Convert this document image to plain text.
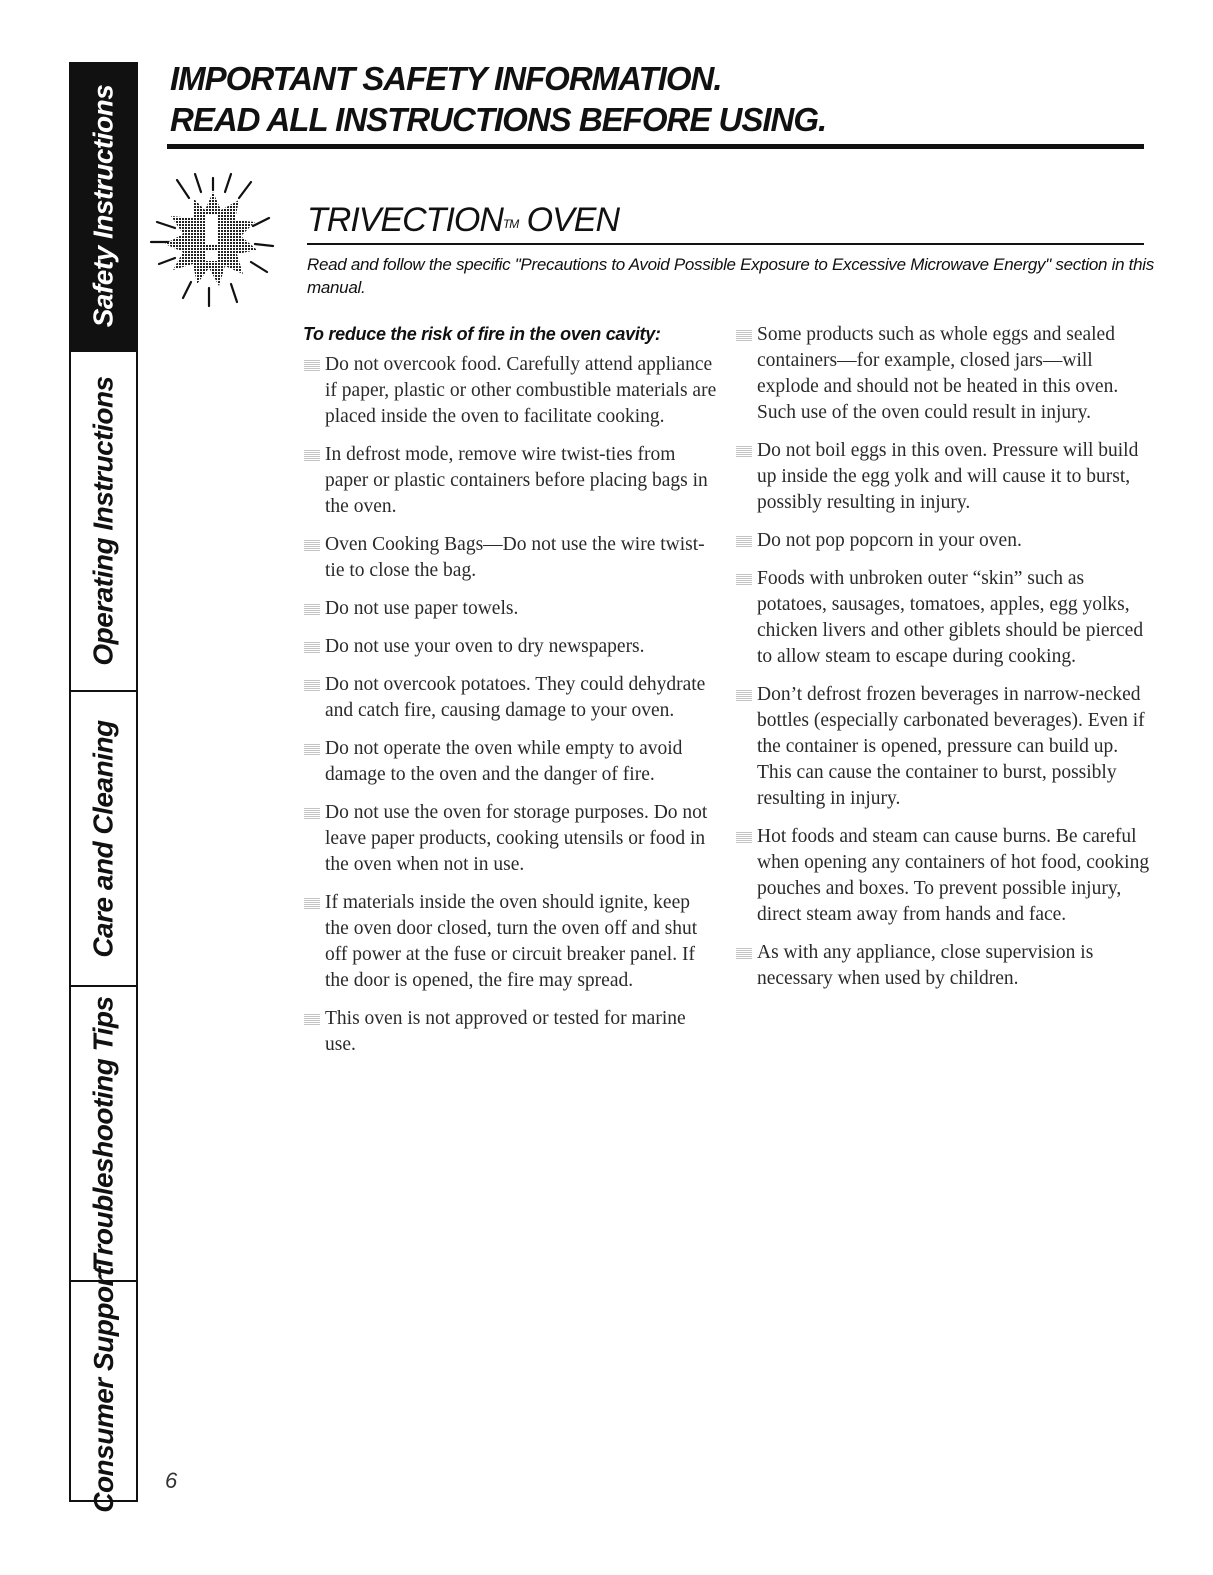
Safety Instructions
Operating Instructions
Care and Cleaning
Troubleshooting Tips
Consumer Support
IMPORTANT SAFETY INFORMATION.
READ ALL INSTRUCTIONS BEFORE USING.
TRIVECTION™ OVEN

Read and follow the specific "Precautions to Avoid Possible Exposure to Excessive Microwave Energy" section in this manual.

To reduce the risk of fire in the oven cavity:
Do not overcook food. Carefully attend appliance if paper, plastic or other combustible materials are placed inside the oven to facilitate cooking.
In defrost mode, remove wire twist-ties from paper or plastic containers before placing bags in the oven.
Oven Cooking Bags—Do not use the wire twist-tie to close the bag.
Do not use paper towels.
Do not use your oven to dry newspapers.
Do not overcook potatoes. They could dehydrate and catch fire, causing damage to your oven.
Do not operate the oven while empty to avoid damage to the oven and the danger of fire.
Do not use the oven for storage purposes. Do not leave paper products, cooking utensils or food in the oven when not in use.
If materials inside the oven should ignite, keep the oven door closed, turn the oven off and shut off power at the fuse or circuit breaker panel. If the door is opened, the fire may spread.
This oven is not approved or tested for marine use.
Some products such as whole eggs and sealed containers—for example, closed jars—will explode and should not be heated in this oven. Such use of the oven could result in injury.
Do not boil eggs in this oven. Pressure will build up inside the egg yolk and will cause it to burst, possibly resulting in injury.
Do not pop popcorn in your oven.
Foods with unbroken outer “skin” such as potatoes, sausages, tomatoes, apples, egg yolks, chicken livers and other giblets should be pierced to allow steam to escape during cooking.
Don’t defrost frozen beverages in narrow-necked bottles (especially carbonated beverages). Even if the container is opened, pressure can build up. This can cause the container to burst, possibly resulting in injury.
Hot foods and steam can cause burns. Be careful when opening any containers of hot food, cooking pouches and boxes. To prevent possible injury, direct steam away from hands and face.
As with any appliance, close supervision is necessary when used by children.
6
